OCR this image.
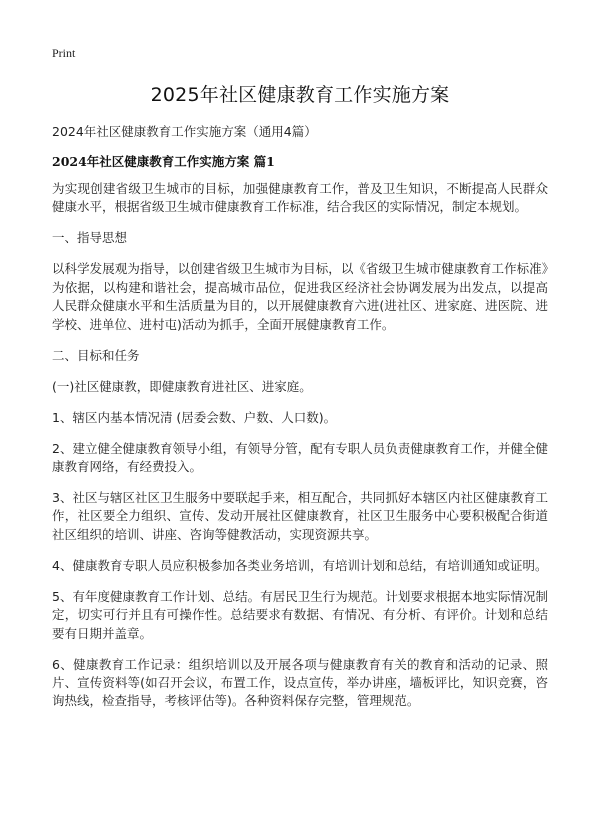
Print
2025年社区健康教育工作实施方案
2024年社区健康教育工作实施方案（通用4篇）
2024年社区健康教育工作实施方案 篇1

为实现创建省级卫生城市的目标，加强健康教育工作，普及卫生知识，不断提高人民群众健康水平，根据省级卫生城市健康教育工作标准，结合我区的实际情况，制定本规划。

一、指导思想

以科学发展观为指导，以创建省级卫生城市为目标，以《省级卫生城市健康教育工作标准》为依据，以构建和谐社会，提高城市品位，促进我区经济社会协调发展为出发点，以提高人民群众健康水平和生活质量为目的，以开展健康教育六进(进社区、进家庭、进医院、进学校、进单位、进村屯)活动为抓手，全面开展健康教育工作。

二、目标和任务

(一)社区健康教，即健康教育进社区、进家庭。

1、辖区内基本情况清 (居委会数、户数、人口数)。

2、建立健全健康教育领导小组，有领导分管，配有专职人员负责健康教育工作，并健全健康教育网络，有经费投入。

3、社区与辖区社区卫生服务中要联起手来，相互配合，共同抓好本辖区内社区健康教育工作，社区要全力组织、宣传、发动开展社区健康教育，社区卫生服务中心要积极配合街道社区组织的培训、讲座、咨询等健教活动，实现资源共享。

4、健康教育专职人员应积极参加各类业务培训，有培训计划和总结，有培训通知或证明。

5、有年度健康教育工作计划、总结。有居民卫生行为规范。计划要求根据本地实际情况制定，切实可行并且有可操作性。总结要求有数据、有情况、有分析、有评价。计划和总结要有日期并盖章。

6、健康教育工作记录：组织培训以及开展各项与健康教育有关的教育和活动的记录、照片、宣传资料等(如召开会议，布置工作，设点宣传，举办讲座，墙板评比，知识竞赛，咨询热线，检查指导，考核评估等)。各种资料保存完整，管理规范。
